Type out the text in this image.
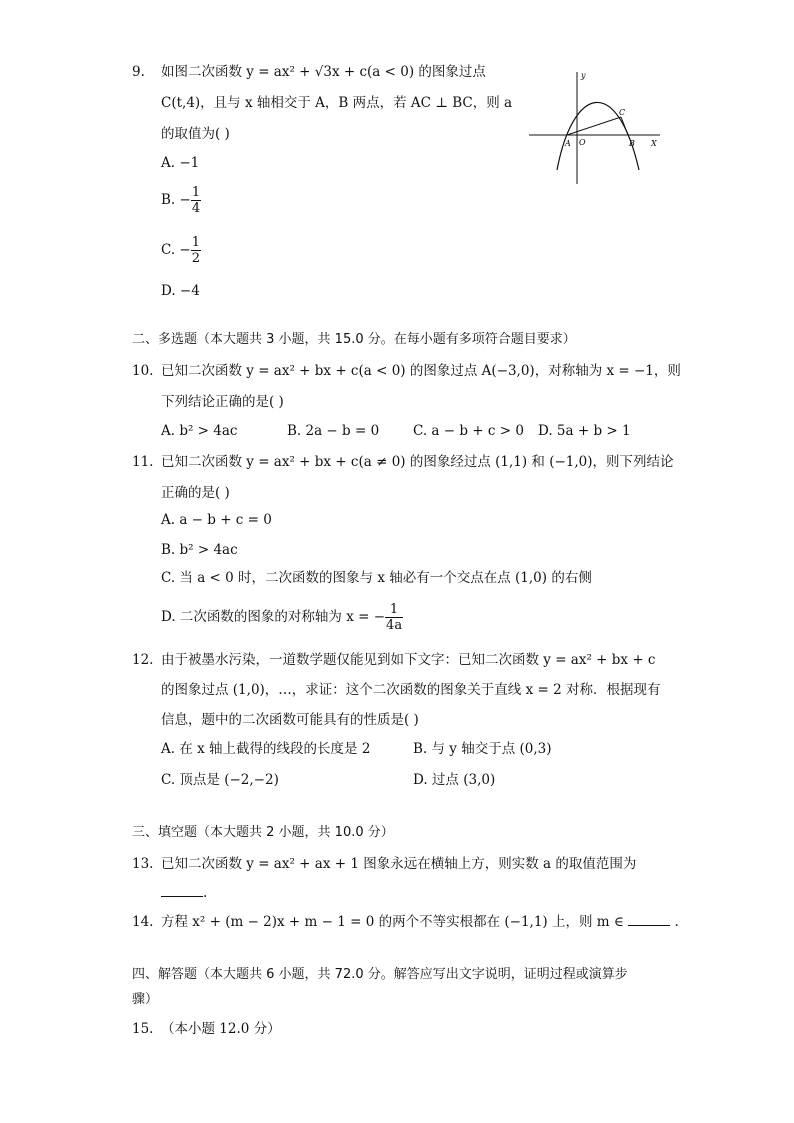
9. 如图二次函数 y = ax² + √3x + c(a < 0) 的图象过点
C(t,4)，且与 x 轴相交于 A，B 两点，若 AC ⊥ BC，则 a
的取值为( )
A. −1
B. − $\frac{1}{4}$
C. − $\frac{1}{2}$
D. −4
y
X
A O	B
C
二、多选题（本大题共 3 小题，共 15.0 分。在每小题有多项符合题目要求）
10. 已知二次函数 y = ax² + bx + c(a < 0) 的图象过点 A(−3,0)，对称轴为 x = −1，则
下列结论正确的是( )
A. b² > 4ac	B. 2a − b = 0	C. a − b + c > 0 D. 5a + b > 1
11. 已知二次函数 y = ax² + bx + c(a ≠ 0) 的图象经过点 (1,1) 和 (−1,0)，则下列结论
正确的是( )
A. a − b + c = 0
B. b² > 4ac
C. 当 a < 0 时，二次函数的图象与 x 轴必有一个交点在点 (1,0) 的右侧
D. 二次函数的图象的对称轴为 x = − $\frac{1}{4a}$
12. 由于被墨水污染，一道数学题仅能见到如下文字：已知二次函数 y = ax² + bx + c
的图象过点 (1,0)，…，求证：这个二次函数的图象关于直线 x = 2 对称．根据现有
信息，题中的二次函数可能具有的性质是( )
A. 在 x 轴上截得的线段的长度是 2	B. 与 y 轴交于点 (0,3)
C. 顶点是 (−2,−2)	D. 过点 (3,0)
三、填空题（本大题共 2 小题，共 10.0 分）
13. 已知二次函数 y = ax² + ax + 1 图象永远在横轴上方，则实数 a 的取值范围为
.
14. 方程 x² + (m − 2)x + m − 1 = 0 的两个不等实根都在 (−1,1) 上，则 m ∈	.
四、解答题（本大题共 6 小题，共 72.0 分。解答应写出文字说明，证明过程或演算步
骤）
15. （本小题 12.0 分）
